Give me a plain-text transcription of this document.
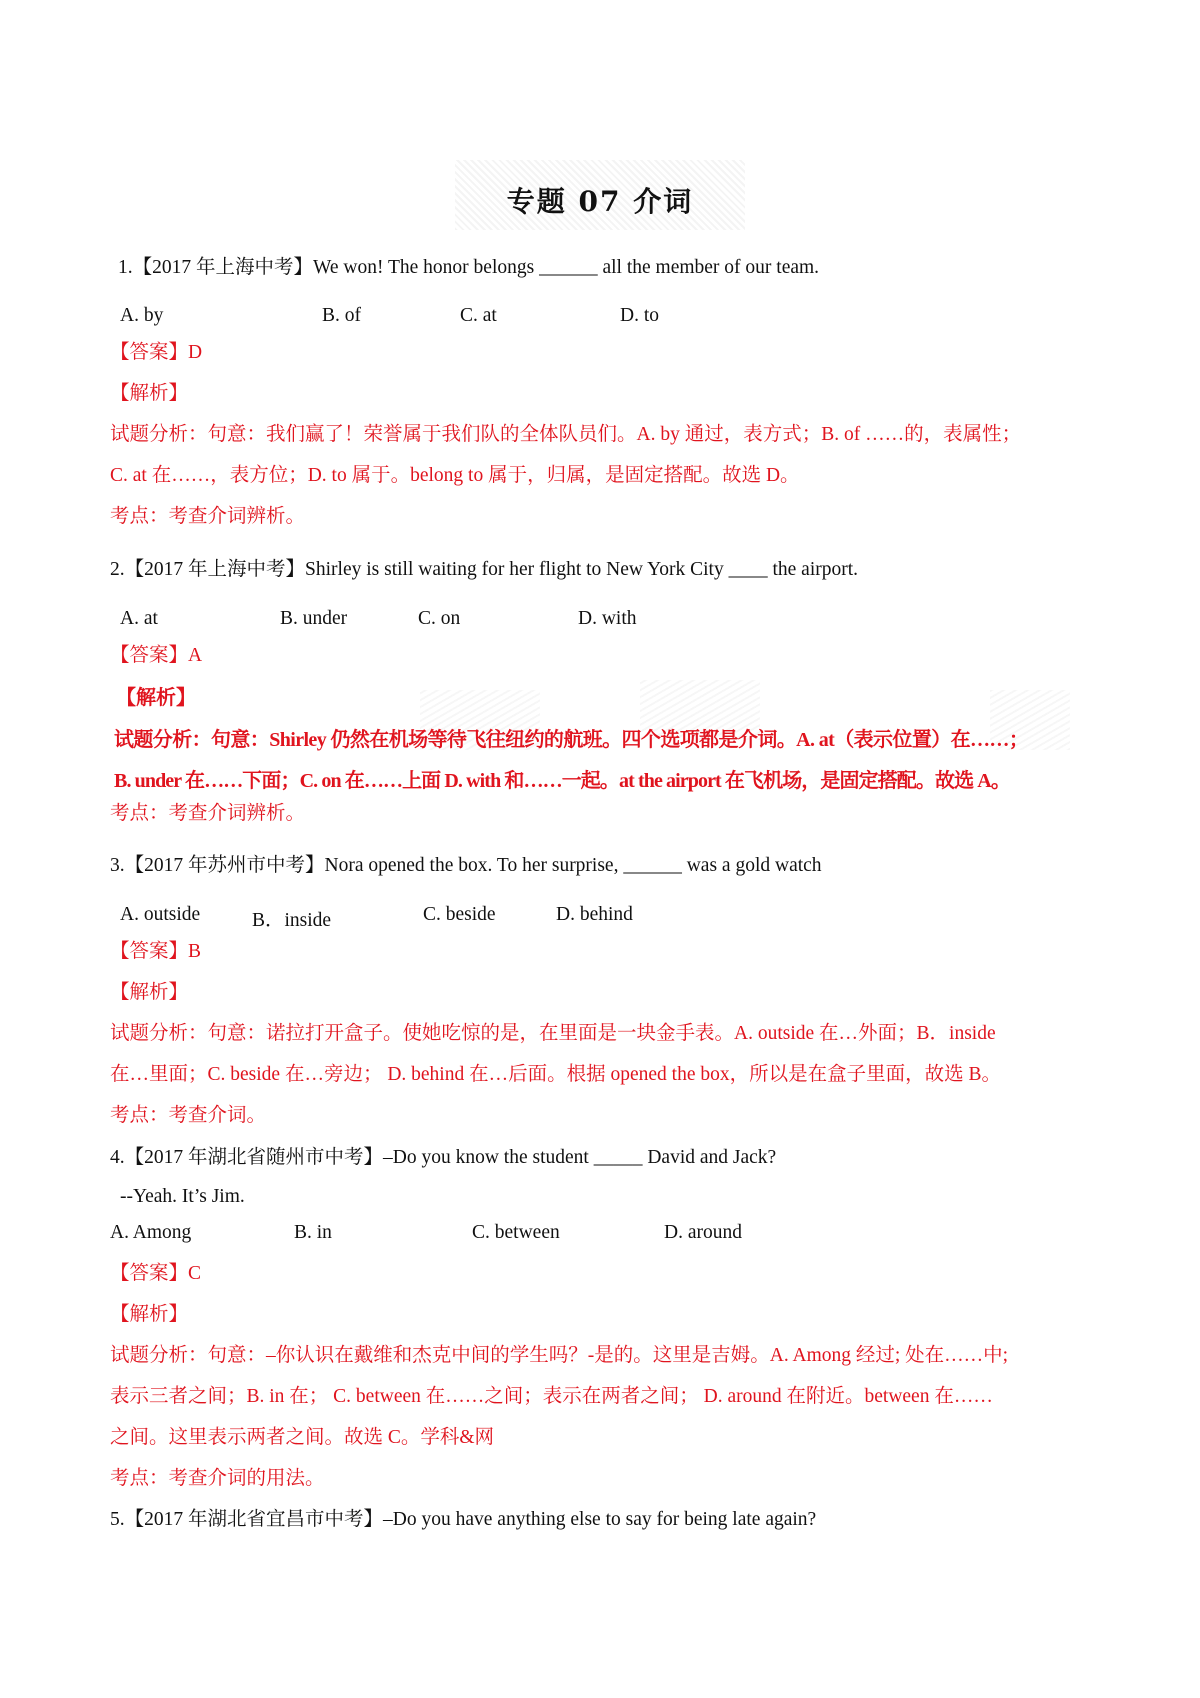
专题 07 介词
1.【2017 年上海中考】We won! The honor belongs ______ all the member of our team.
A. by	B. of	C. at	D. to
【答案】D
【解析】
试题分析：句意：我们赢了！荣誉属于我们队的全体队员们。A. by 通过，表方式；B. of ……的，表属性；
C. at 在……，表方位；D. to 属于。belong to 属于，归属，是固定搭配。故选 D。
考点：考查介词辨析。
2.【2017 年上海中考】Shirley is still waiting for her flight to New York City ____ the airport.
A. at	B. under	C. on	D. with
【答案】A
【解析】
试题分析：句意：Shirley 仍然在机场等待飞往纽约的航班。四个选项都是介词。A. at（表示位置）在……；
B. under 在……下面；C. on 在……上面 D. with 和……一起。at the airport 在飞机场，是固定搭配。故选 A。
考点：考查介词辨析。
3.【2017 年苏州市中考】Nora opened the box. To her surprise, ______ was a gold watch
A. outside	B．inside	C. beside	D. behind
【答案】B
【解析】
试题分析：句意：诺拉打开盒子。使她吃惊的是，在里面是一块金手表。A. outside 在…外面；B．inside
在…里面；C. beside 在…旁边； D. behind 在…后面。根据 opened the box，所以是在盒子里面，故选 B。
考点：考查介词。
4.【2017 年湖北省随州市中考】–Do you know the student _____ David and Jack?
--Yeah. It’s Jim.
A. Among	B. in	C. between	D. around
【答案】C
【解析】
试题分析：句意：–你认识在戴维和杰克中间的学生吗？-是的。这里是吉姆。A. Among 经过; 处在……中;
表示三者之间；B. in 在； C. between 在……之间；表示在两者之间； D. around 在附近。between 在……
之间。这里表示两者之间。故选 C。学科&网
考点：考查介词的用法。
5.【2017 年湖北省宜昌市中考】–Do you have anything else to say for being late again?
